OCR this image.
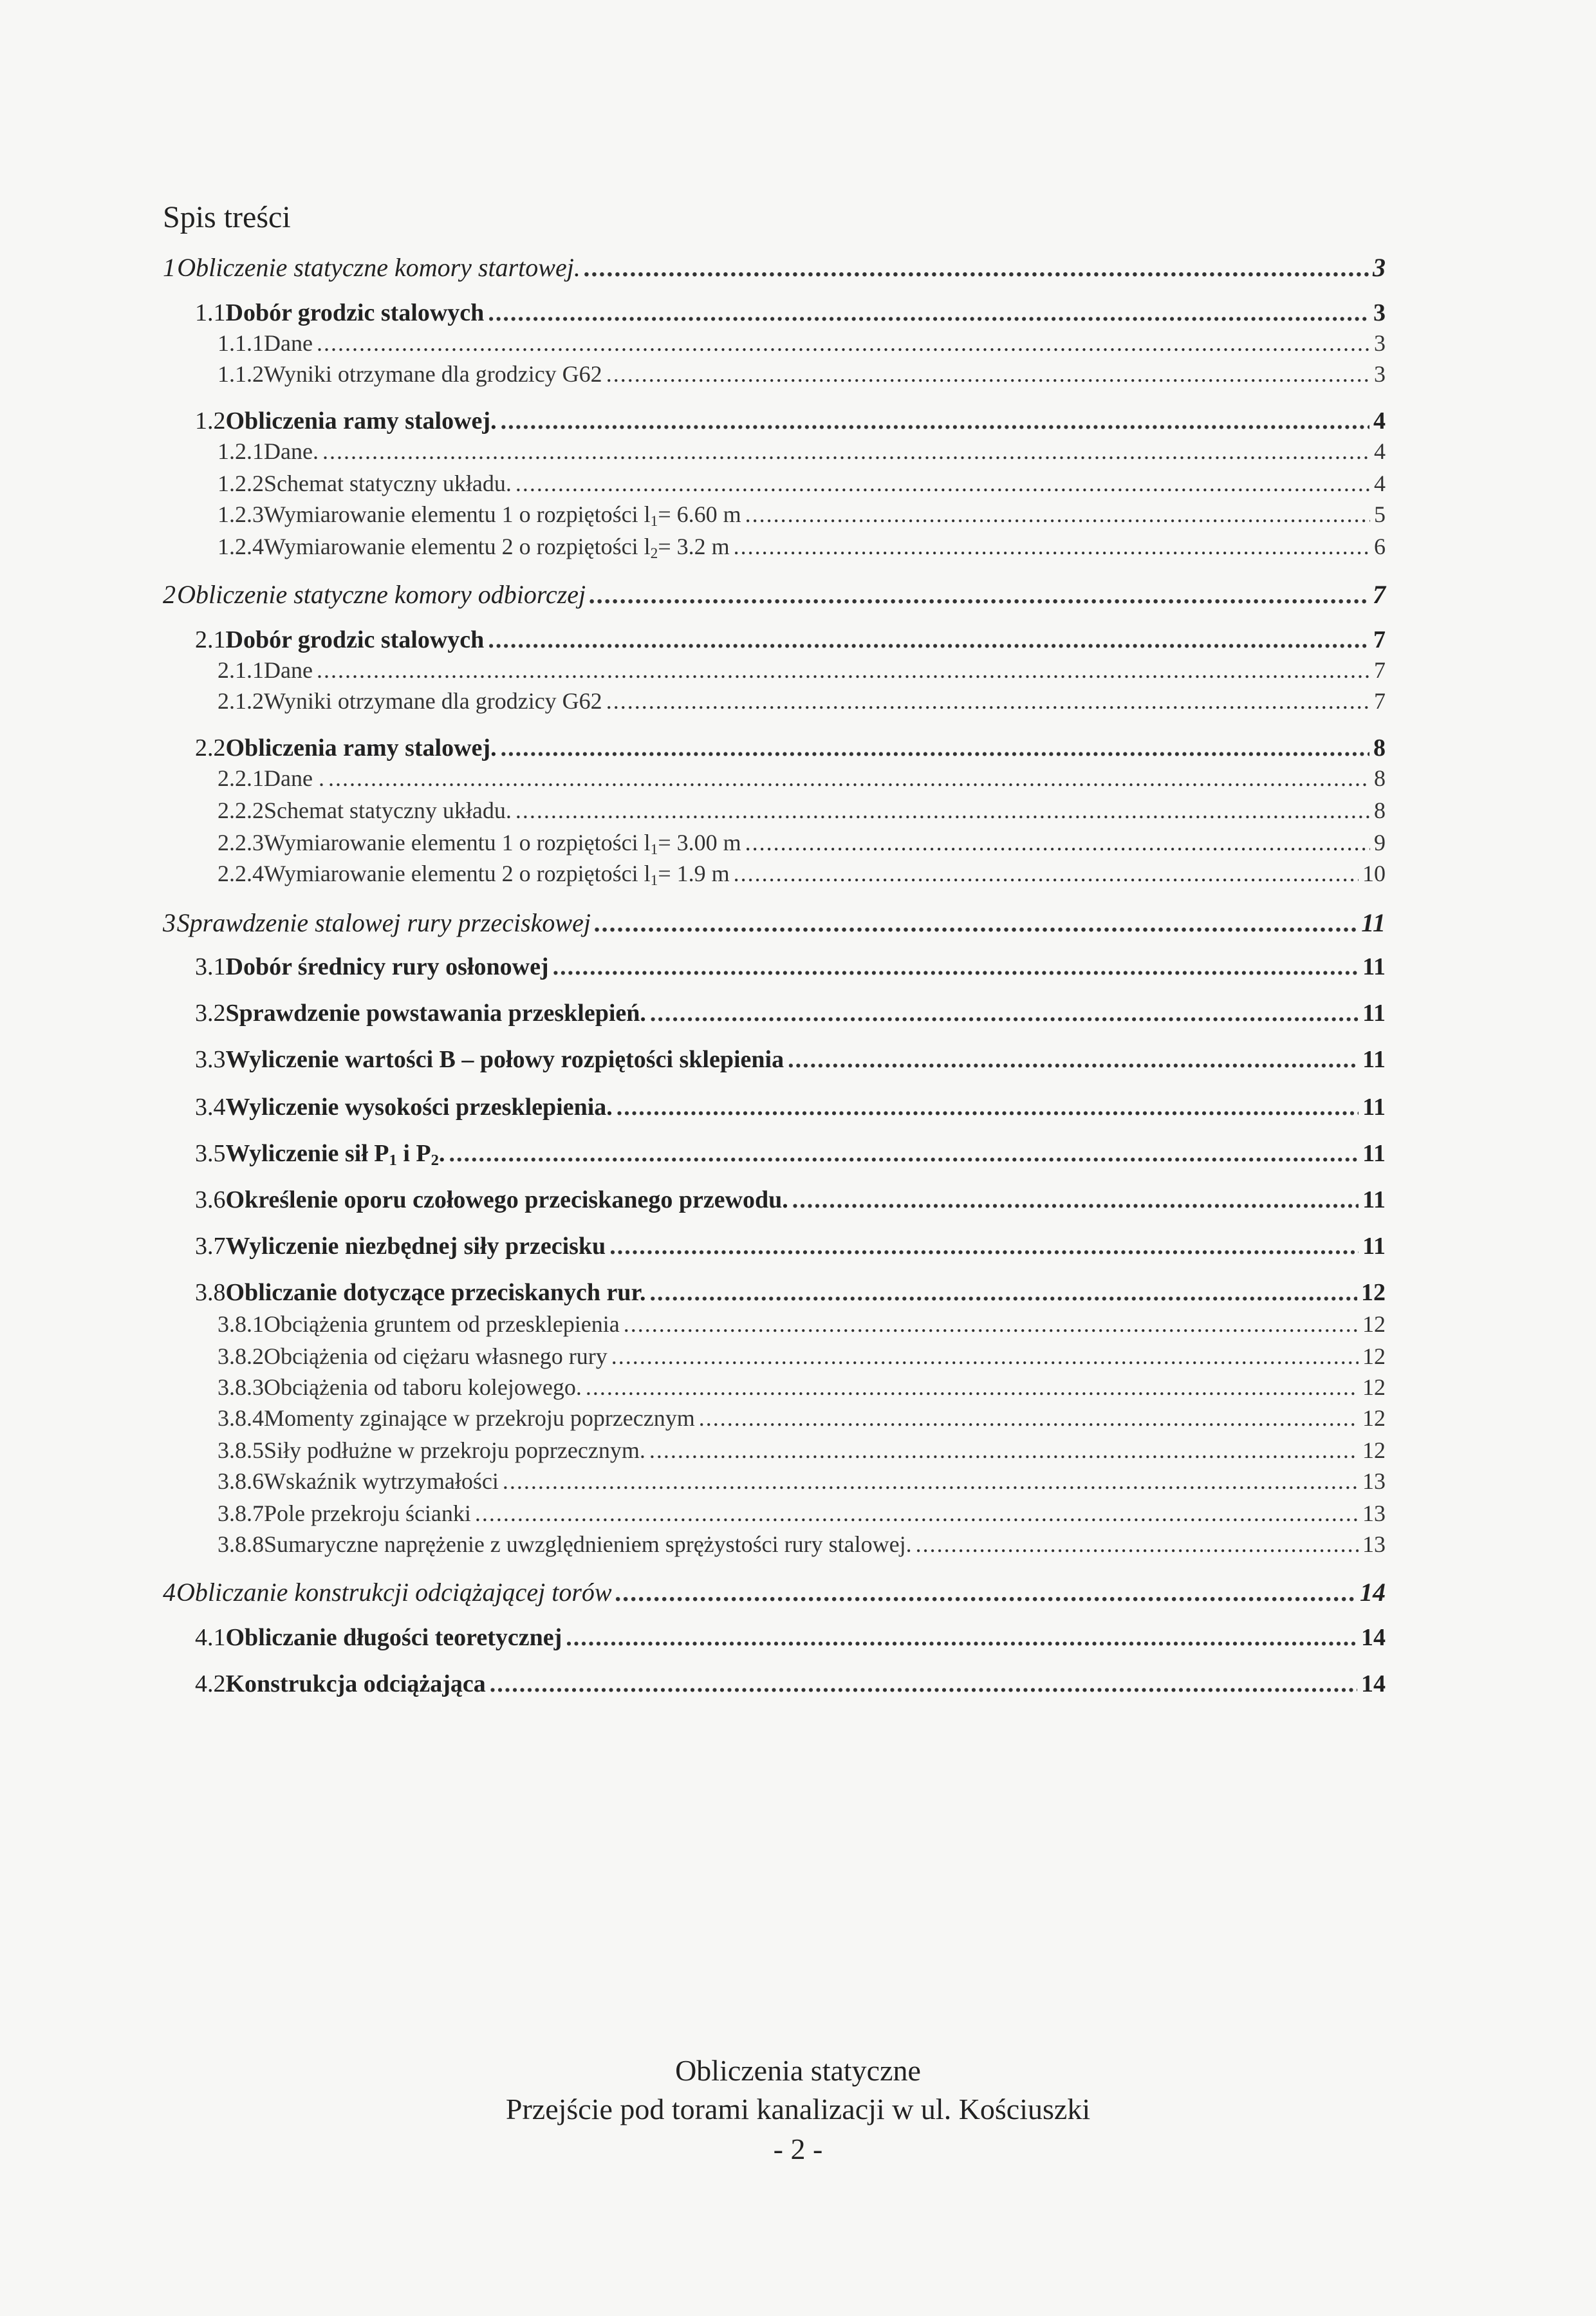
Spis treści
1 Obliczenie statyczne komory startowej. .....	3
1.1 Dobór grodzic stalowych .....	3
1.1.1 Dane .....	3
1.1.2 Wyniki otrzymane dla grodzicy G62 .....	3
1.2 Obliczenia ramy stalowej. .....	4
1.2.1 Dane. .....	4
1.2.2 Schemat statyczny układu. .....	4
1.2.3 Wymiarowanie elementu 1 o rozpiętości $l_1= 6.60$ m .....	5
1.2.4 Wymiarowanie elementu 2 o rozpiętości $l_2= 3.2$ m .....	6
2 Obliczenie statyczne komory odbiorczej .....	7
2.1 Dobór grodzic stalowych .....	7
2.1.1 Dane .....	7
2.1.2 Wyniki otrzymane dla grodzicy G62 .....	7
2.2 Obliczenia ramy stalowej. .....	8
2.2.1 Dane . .....	8
2.2.2 Schemat statyczny układu. .....	8
2.2.3 Wymiarowanie elementu 1 o rozpiętości $l_1= 3.00$ m .....	9
2.2.4 Wymiarowanie elementu 2 o rozpiętości $l_1= 1.9$ m .....	10
3 Sprawdzenie stalowej rury przeciskowej .....	11
3.1 Dobór średnicy rury osłonowej .....	11
3.2 Sprawdzenie powstawania przesklepień. .....	11
3.3 Wyliczenie wartości B – połowy rozpiętości sklepienia .....	11
3.4 Wyliczenie wysokości przesklepienia. .....	11
3.5 Wyliczenie sił $P_1$ i $P_2$. .....	11
3.6 Określenie oporu czołowego przeciskanego przewodu. .....	11
3.7 Wyliczenie niezbędnej siły przecisku .....	11
3.8 Obliczanie dotyczące przeciskanych rur. .....	12
3.8.1 Obciążenia gruntem od przesklepienia .....	12
3.8.2 Obciążenia od ciężaru własnego rury .....	12
3.8.3 Obciążenia od taboru kolejowego. .....	12
3.8.4 Momenty zginające w przekroju poprzecznym .....	12
3.8.5 Siły podłużne w przekroju poprzecznym. .....	12
3.8.6 Wskaźnik wytrzymałości .....	13
3.8.7 Pole przekroju ścianki .....	13
3.8.8 Sumaryczne naprężenie z uwzględnieniem sprężystości rury stalowej. .....	13
4 Obliczanie konstrukcji odciążającej torów .....	14
4.1 Obliczanie długości teoretycznej .....	14
4.2 Konstrukcja odciążająca .....	14
Obliczenia statyczne
Przejście pod torami kanalizacji w ul. Kościuszki
- 2 -
